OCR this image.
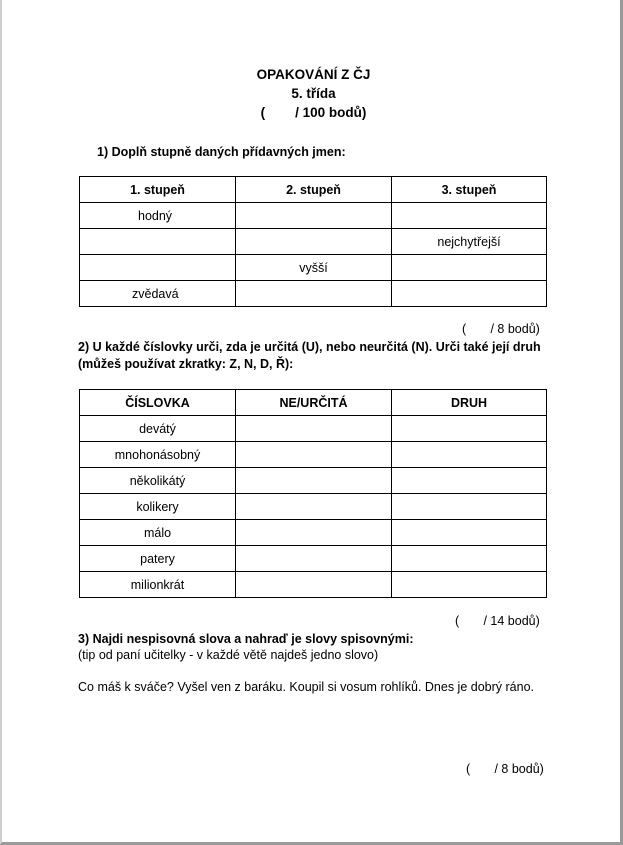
OPAKOVÁNÍ Z ČJ
5. třída
(        / 100 bodů)
1) Doplň stupně daných přídavných jmen:
1. stupeň	2. stupeň	3. stupeň
hodný		
		nejchytřejší
	vyšší	
zvědavá		
(       / 8 bodů)
2) U každé číslovky urči, zda je určitá (U), nebo neurčitá (N). Urči také její druh
(můžeš používat zkratky: Z, N, D, Ř):
ČÍSLOVKA	NE/URČITÁ	DRUH
devátý		
mnohonásobný		
několikátý		
kolikery		
málo		
patery		
milionkrát		
(       / 14 bodů)
3) Najdi nespisovná slova a nahraď je slovy spisovnými:
(tip od paní učitelky - v každé větě najdeš jedno slovo)
Co máš k sváče? Vyšel ven z baráku. Koupil si vosum rohlíků. Dnes je dobrý ráno.
(       / 8 bodů)
